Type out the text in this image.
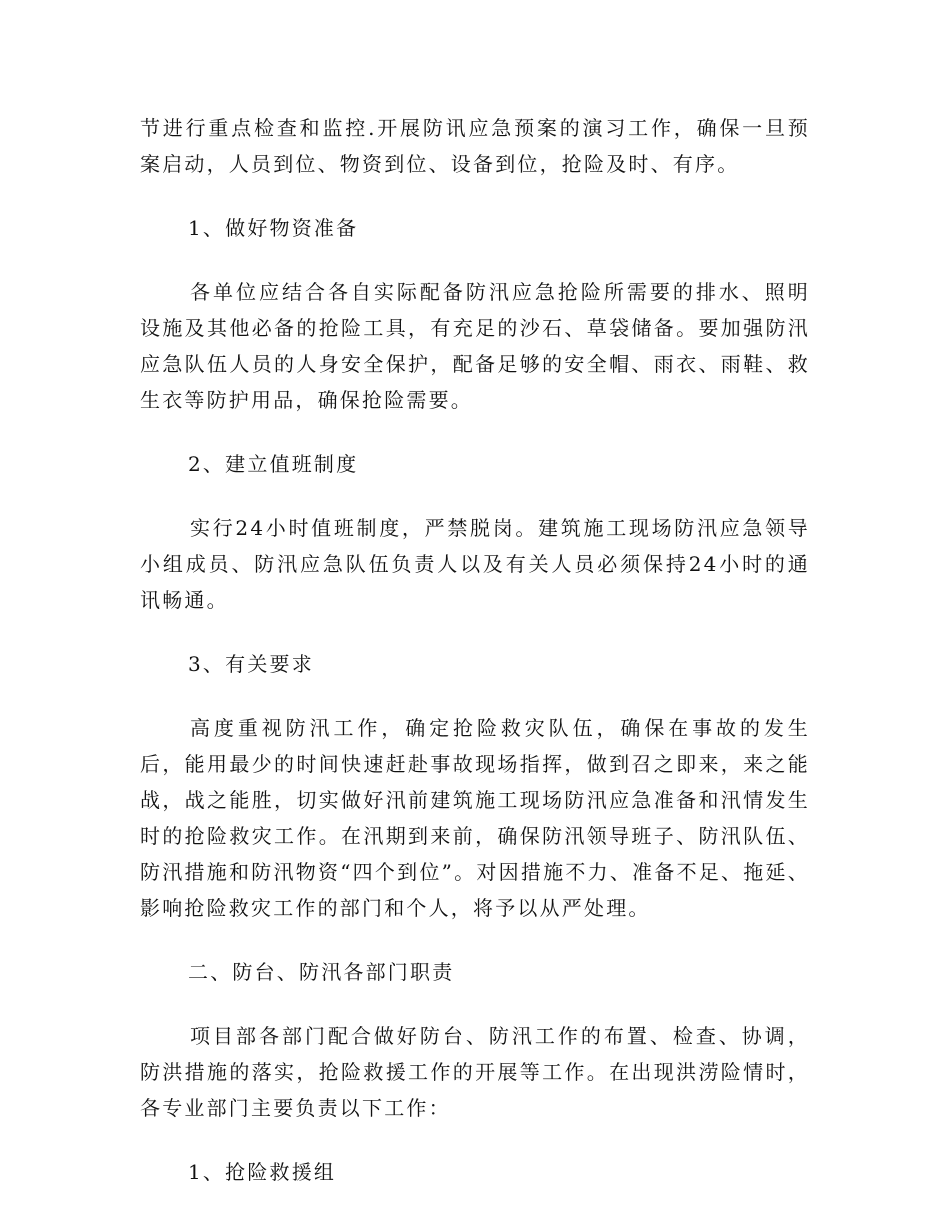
节进行重点检查和监控.开展防讯应急预案的演习工作，确保一旦预案启动，人员到位、物资到位、设备到位，抢险及时、有序。

1、做好物资准备

各单位应结合各自实际配备防汛应急抢险所需要的排水、照明设施及其他必备的抢险工具，有充足的沙石、草袋储备。要加强防汛应急队伍人员的人身安全保护，配备足够的安全帽、雨衣、雨鞋、救生衣等防护用品，确保抢险需要。

2、建立值班制度

实行24小时值班制度，严禁脱岗。建筑施工现场防汛应急领导小组成员、防汛应急队伍负责人以及有关人员必须保持24小时的通讯畅通。

3、有关要求

高度重视防汛工作，确定抢险救灾队伍，确保在事故的发生后，能用最少的时间快速赶赴事故现场指挥，做到召之即来，来之能战，战之能胜，切实做好汛前建筑施工现场防汛应急准备和汛情发生时的抢险救灾工作。在汛期到来前，确保防汛领导班子、防汛队伍、防汛措施和防汛物资“四个到位”。对因措施不力、准备不足、拖延、影响抢险救灾工作的部门和个人，将予以从严处理。

二、防台、防汛各部门职责

项目部各部门配合做好防台、防汛工作的布置、检查、协调，防洪措施的落实，抢险救援工作的开展等工作。在出现洪涝险情时，各专业部门主要负责以下工作：

1、抢险救援组
